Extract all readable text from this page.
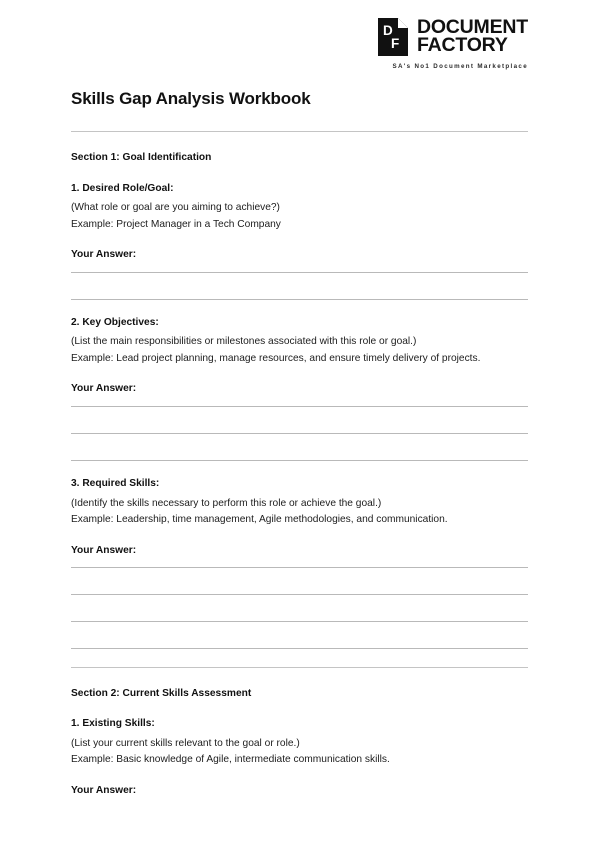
D
F
DOCUMENT
FACTORY
SA's No1 Document Marketplace
Skills Gap Analysis Workbook
Section 1: Goal Identification
1. Desired Role/Goal:

(What role or goal are you aiming to achieve?)

Example: Project Manager in a Tech Company

Your Answer:
2. Key Objectives:

(List the main responsibilities or milestones associated with this role or goal.)

Example: Lead project planning, manage resources, and ensure timely delivery of projects.

Your Answer:
3. Required Skills:

(Identify the skills necessary to perform this role or achieve the goal.)

Example: Leadership, time management, Agile methodologies, and communication.

Your Answer:
Section 2: Current Skills Assessment
1. Existing Skills:

(List your current skills relevant to the goal or role.)

Example: Basic knowledge of Agile, intermediate communication skills.

Your Answer:
